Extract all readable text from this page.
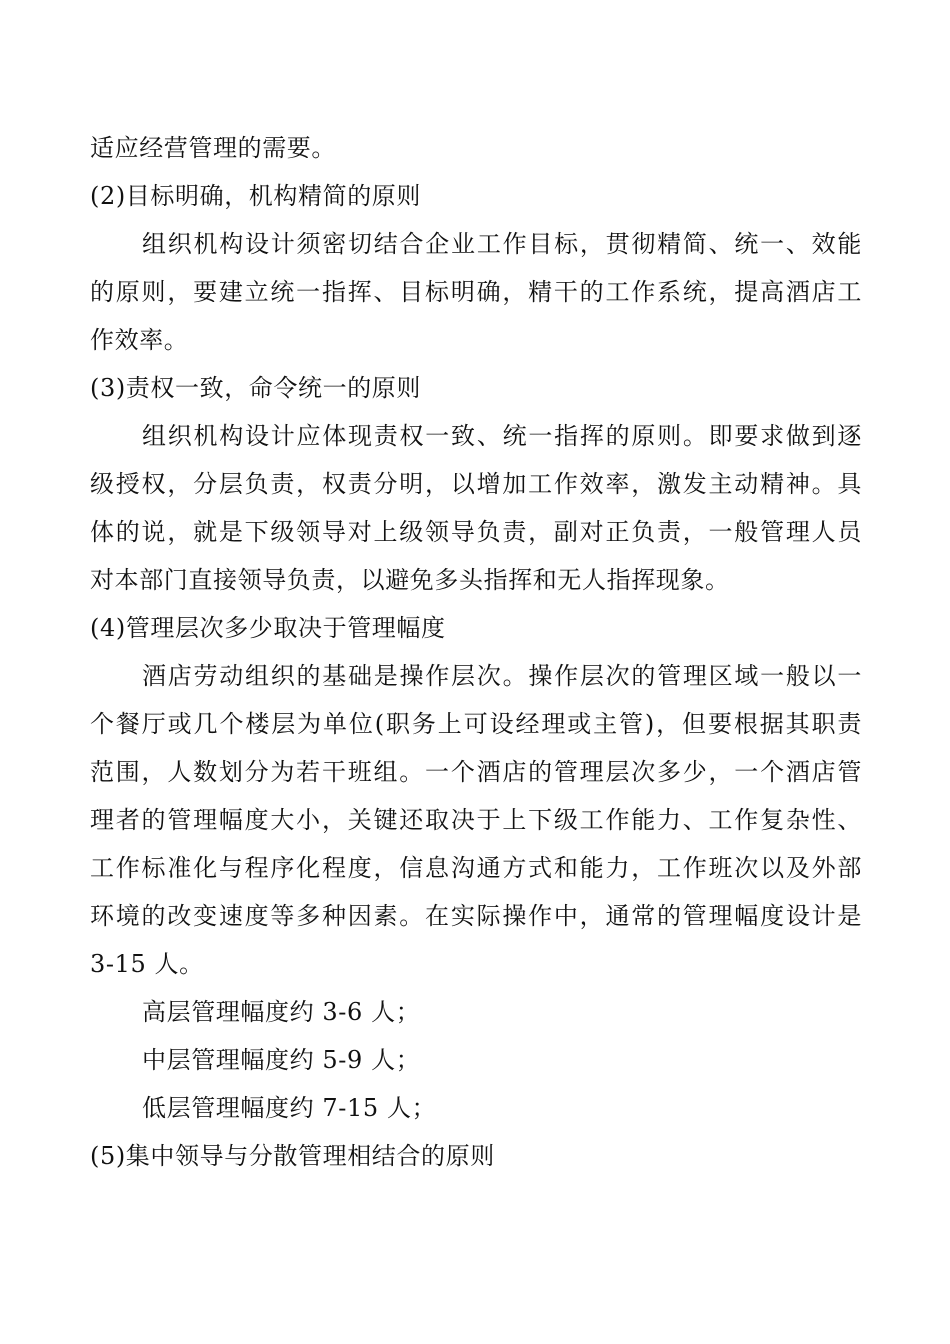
适应经营管理的需要。
(2)目标明确，机构精简的原则
组织机构设计须密切结合企业工作目标，贯彻精简、统一、效能
的原则，要建立统一指挥、目标明确，精干的工作系统，提高酒店工
作效率。
(3)责权一致，命令统一的原则
组织机构设计应体现责权一致、统一指挥的原则。即要求做到逐
级授权，分层负责，权责分明，以增加工作效率，激发主动精神。具
体的说，就是下级领导对上级领导负责，副对正负责，一般管理人员
对本部门直接领导负责，以避免多头指挥和无人指挥现象。
(4)管理层次多少取决于管理幅度
酒店劳动组织的基础是操作层次。操作层次的管理区域一般以一
个餐厅或几个楼层为单位(职务上可设经理或主管)，但要根据其职责
范围，人数划分为若干班组。一个酒店的管理层次多少，一个酒店管
理者的管理幅度大小，关键还取决于上下级工作能力、工作复杂性、
工作标准化与程序化程度，信息沟通方式和能力，工作班次以及外部
环境的改变速度等多种因素。在实际操作中，通常的管理幅度设计是
3-15 人。
高层管理幅度约 3-6 人；
中层管理幅度约 5-9 人；
低层管理幅度约 7-15 人；
(5)集中领导与分散管理相结合的原则
